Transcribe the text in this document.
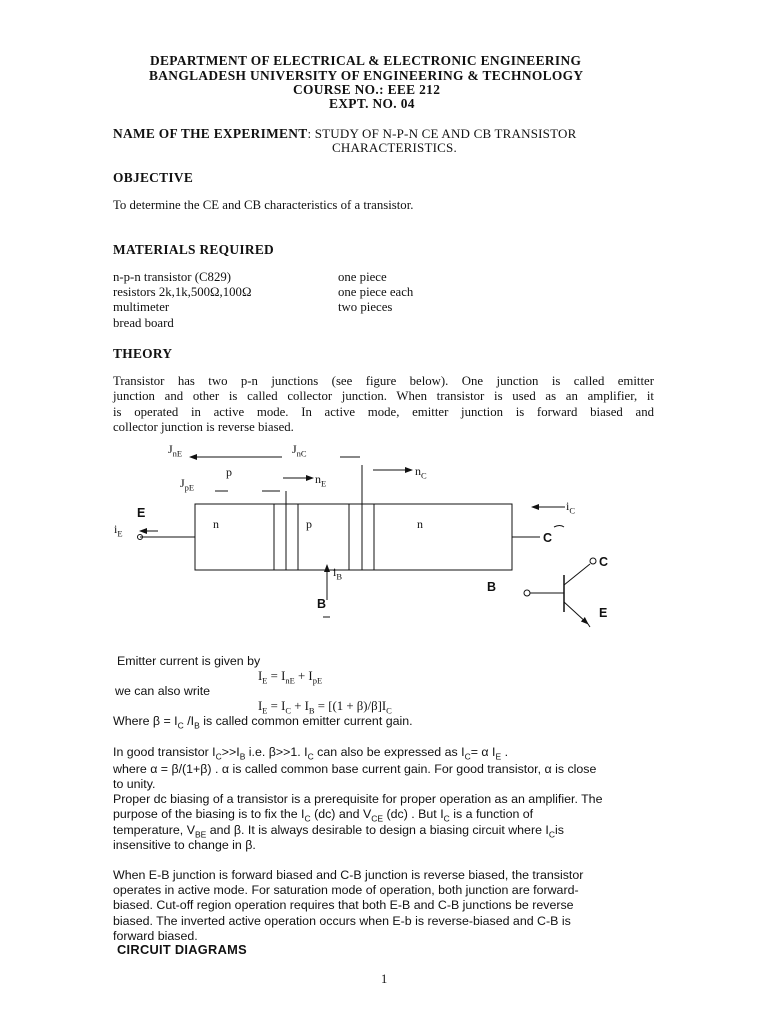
DEPARTMENT OF ELECTRICAL & ELECTRONIC ENGINEERING
BANGLADESH UNIVERSITY OF ENGINEERING & TECHNOLOGY
COURSE NO.: EEE 212
EXPT. NO. 04
NAME OF THE EXPERIMENT: STUDY OF N-P-N CE AND CB TRANSISTOR
CHARACTERISTICS.
OBJECTIVE
To determine the CE and CB characteristics of a transistor.
MATERIALS REQUIRED
n-p-n transistor (C829)	one piece
resistors 2k,1k,500Ω,100Ω	one piece each
multimeter	two pieces
bread board	
THEORY
Transistor has two p-n junctions (see figure below). One junction is called emitter
junction and other is called collector junction. When transistor is used as an amplifier, it
is operated in active mode. In active mode, emitter junction is forward biased and
collector junction is reverse biased.
n	p	n
$J_{nE}$	$J_{nC}$
$J_{pE}$
p	$n_E$
$n_C$
$i_C$
$i_E$
$i_B$
E
C
B
C
B
E
Emitter current is given by
$I_E = I_{nE} + I_{pE}$
we can also write
$I_E = I_C + I_B = [(1 + \beta)/\beta]I_C$
Where $\beta = I_C$ $/I_B$ is called common emitter current gain.
In good transistor $I_C>>I_B$ i.e. β>>1. $I_C$ can also be expressed as $I_C= \alpha$ $I_E$ .
where α = β/(1+β) . α is called common base current gain. For good transistor, α is close
to unity.
Proper dc biasing of a transistor is a prerequisite for proper operation as an amplifier. The
purpose of the biasing is to fix the $I_C$ (dc) and $V_{CE}$ (dc) . But $I_C$ is a function of
temperature, $V_{BE}$ and β. It is always desirable to design a biasing circuit where $I_Cis$
insensitive to change in β.
When E-B junction is forward biased and C-B junction is reverse biased, the transistor
operates in active mode. For saturation mode of operation, both junction are forward-
biased. Cut-off region operation requires that both E-B and C-B junctions be reverse
biased. The inverted active operation occurs when E-b is reverse-biased and C-B is
forward biased.
CIRCUIT DIAGRAMS
1
